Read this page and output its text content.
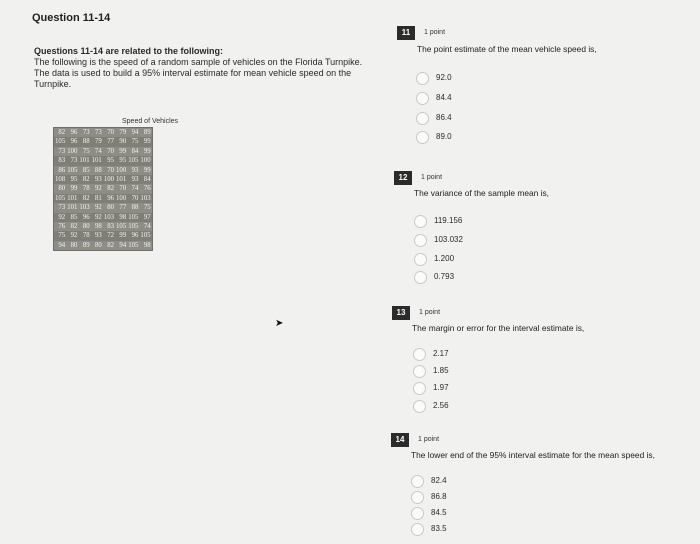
Question 11-14
Questions 11-14 are related to the following:
The following is the speed of a random sample of vehicles on the Florida Turnpike. The data is used to build a 95% interval estimate for mean vehicle speed on the Turnpike.
Speed of Vehicles
82	96	73	73	70	79	94	89
105	96	88	79	77	90	75	99
73	100	75	74	70	99	84	99
83	73	101	101	95	95	105	100
86	105	85	88	70	100	93	99
108	95	82	93	100	101	93	84
80	99	78	92	82	70	74	76
105	101	82	81	96	100	70	103
73	101	103	92	80	77	88	75
92	85	96	92	103	98	105	97
76	82	80	98	83	105	105	74
75	92	78	93	72	99	96	105
94	80	89	80	82	94	105	98
➤
11	1 point
The point estimate of the mean vehicle speed is,
92.0
84.4
86.4
89.0
12	1 point
The variance of the sample mean is,
119.156
103.032
1.200
0.793
13	1 point
The margin or error for the interval estimate is,
2.17
1.85
1.97
2.56
14	1 point
The lower end of the 95% interval estimate for the mean speed is,
82.4
86.8
84.5
83.5
